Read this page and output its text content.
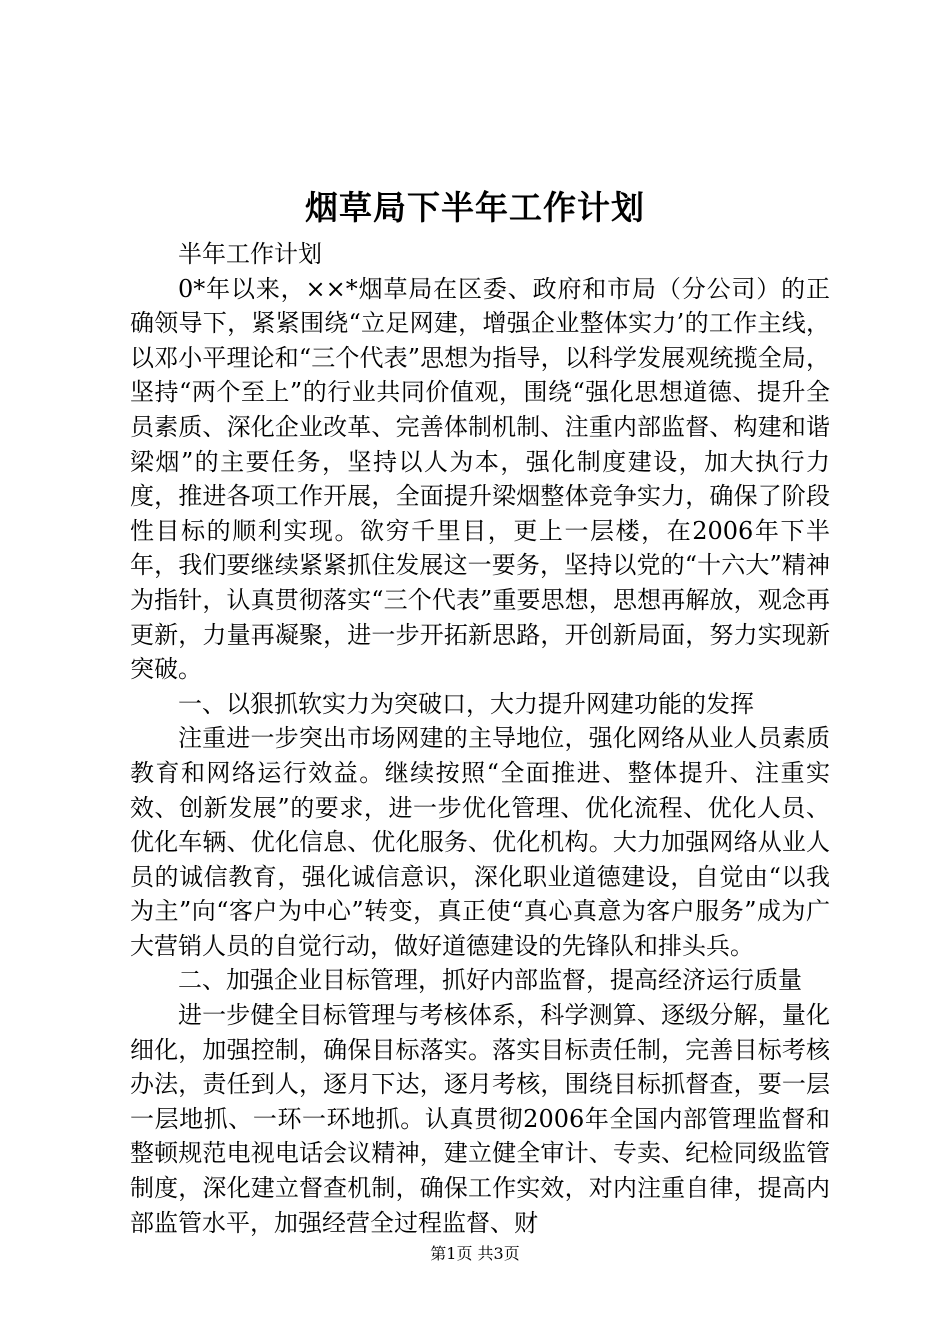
烟草局下半年工作计划

半年工作计划

0*年以来，××*烟草局在区委、政府和市局（分公司）的正确领导下，紧紧围绕“立足网建，增强企业整体实力’的工作主线，以邓小平理论和“三个代表”思想为指导，以科学发展观统揽全局，坚持“两个至上”的行业共同价值观，围绕“强化思想道德、提升全员素质、深化企业改革、完善体制机制、注重内部监督、构建和谐梁烟”的主要任务，坚持以人为本，强化制度建设，加大执行力度，推进各项工作开展，全面提升梁烟整体竞争实力，确保了阶段性目标的顺利实现。欲穷千里目，更上一层楼，在2006年下半年，我们要继续紧紧抓住发展这一要务，坚持以党的“十六大”精神为指针，认真贯彻落实“三个代表”重要思想，思想再解放，观念再更新，力量再凝聚，进一步开拓新思路，开创新局面，努力实现新突破。

一、以狠抓软实力为突破口，大力提升网建功能的发挥

注重进一步突出市场网建的主导地位，强化网络从业人员素质教育和网络运行效益。继续按照“全面推进、整体提升、注重实效、创新发展”的要求，进一步优化管理、优化流程、优化人员、优化车辆、优化信息、优化服务、优化机构。大力加强网络从业人员的诚信教育，强化诚信意识，深化职业道德建设，自觉由“以我为主”向“客户为中心”转变，真正使“真心真意为客户服务”成为广大营销人员的自觉行动，做好道德建设的先锋队和排头兵。

二、加强企业目标管理，抓好内部监督，提高经济运行质量

进一步健全目标管理与考核体系，科学测算、逐级分解，量化细化，加强控制，确保目标落实。落实目标责任制，完善目标考核办法，责任到人，逐月下达，逐月考核，围绕目标抓督查，要一层一层地抓、一环一环地抓。认真贯彻2006年全国内部管理监督和整顿规范电视电话会议精神，建立健全审计、专卖、纪检同级监管制度，深化建立督查机制，确保工作实效，对内注重自律，提高内部监管水平，加强经营全过程监督、财

第1页 共3页
